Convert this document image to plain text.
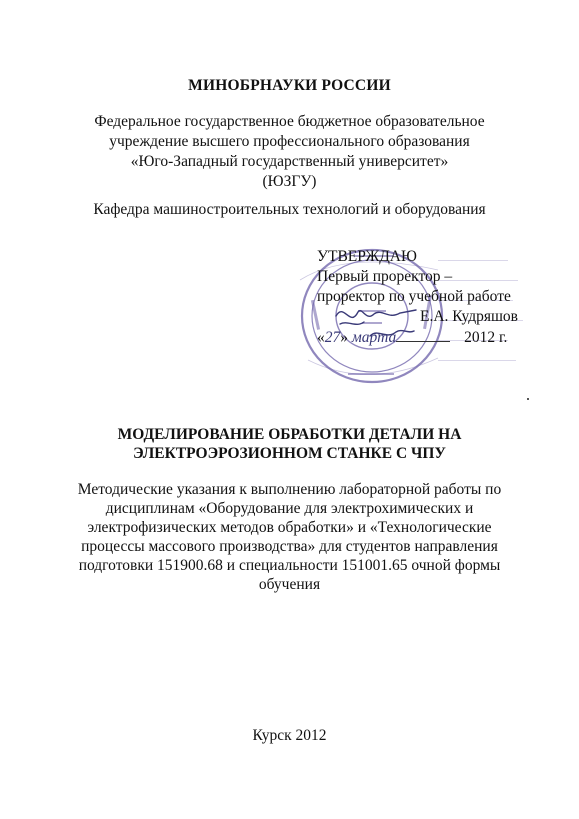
МИНОБРНАУКИ РОССИИ
Федеральное государственное бюджетное образовательное
учреждение высшего профессионального образования
«Юго-Западный государственный университет»
(ЮЗГУ)
Кафедра машиностроительных технологий и оборудования
УТВЕРЖДАЮ
Первый проректор –
проректор по учебной работе
Е.А. Кудряшов
«27» марта	2012 г.
МОДЕЛИРОВАНИЕ ОБРАБОТКИ ДЕТАЛИ НА
ЭЛЕКТРОЭРОЗИОННОМ СТАНКЕ С ЧПУ
Методические указания к выполнению лабораторной работы по
дисциплинам «Оборудование для электрохимических и
электрофизических методов обработки» и «Технологические
процессы массового производства» для студентов направления
подготовки 151900.68 и специальности 151001.65 очной формы
обучения
Курск 2012
